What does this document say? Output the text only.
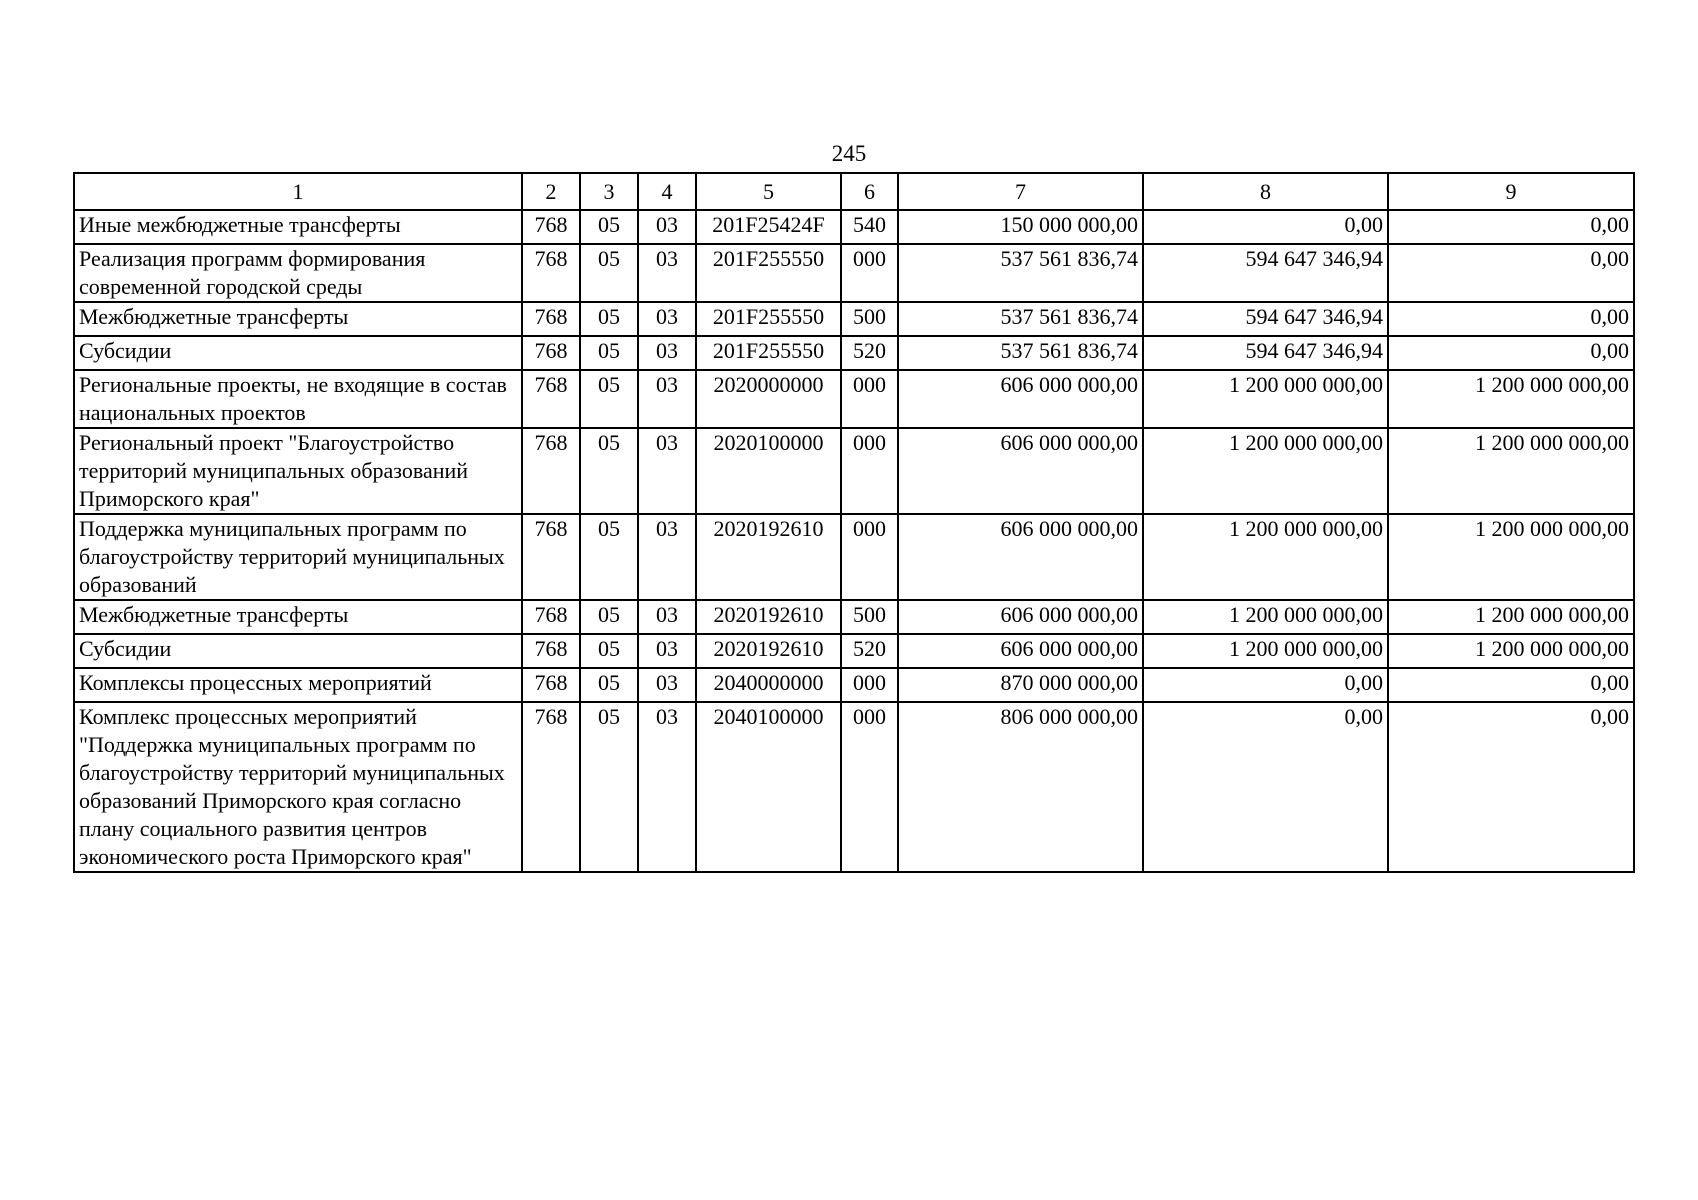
245
1	2	3	4	5	6	7	8	9
Иные межбюджетные трансферты	768	05	03	201F25424F	540	150 000 000,00	0,00	0,00
Реализация программ формирования современной городской среды	768	05	03	201F255550	000	537 561 836,74	594 647 346,94	0,00
Межбюджетные трансферты	768	05	03	201F255550	500	537 561 836,74	594 647 346,94	0,00
Субсидии	768	05	03	201F255550	520	537 561 836,74	594 647 346,94	0,00
Региональные проекты, не входящие в состав национальных проектов	768	05	03	2020000000	000	606 000 000,00	1 200 000 000,00	1 200 000 000,00
Региональный проект "Благоустройство территорий муниципальных образований Приморского края"	768	05	03	2020100000	000	606 000 000,00	1 200 000 000,00	1 200 000 000,00
Поддержка муниципальных программ по благоустройству территорий муниципальных образований	768	05	03	2020192610	000	606 000 000,00	1 200 000 000,00	1 200 000 000,00
Межбюджетные трансферты	768	05	03	2020192610	500	606 000 000,00	1 200 000 000,00	1 200 000 000,00
Субсидии	768	05	03	2020192610	520	606 000 000,00	1 200 000 000,00	1 200 000 000,00
Комплексы процессных мероприятий	768	05	03	2040000000	000	870 000 000,00	0,00	0,00
Комплекс процессных мероприятий "Поддержка муниципальных программ по благоустройству территорий муниципальных образований Приморского края согласно плану социального развития центров экономического роста Приморского края"	768	05	03	2040100000	000	806 000 000,00	0,00	0,00
